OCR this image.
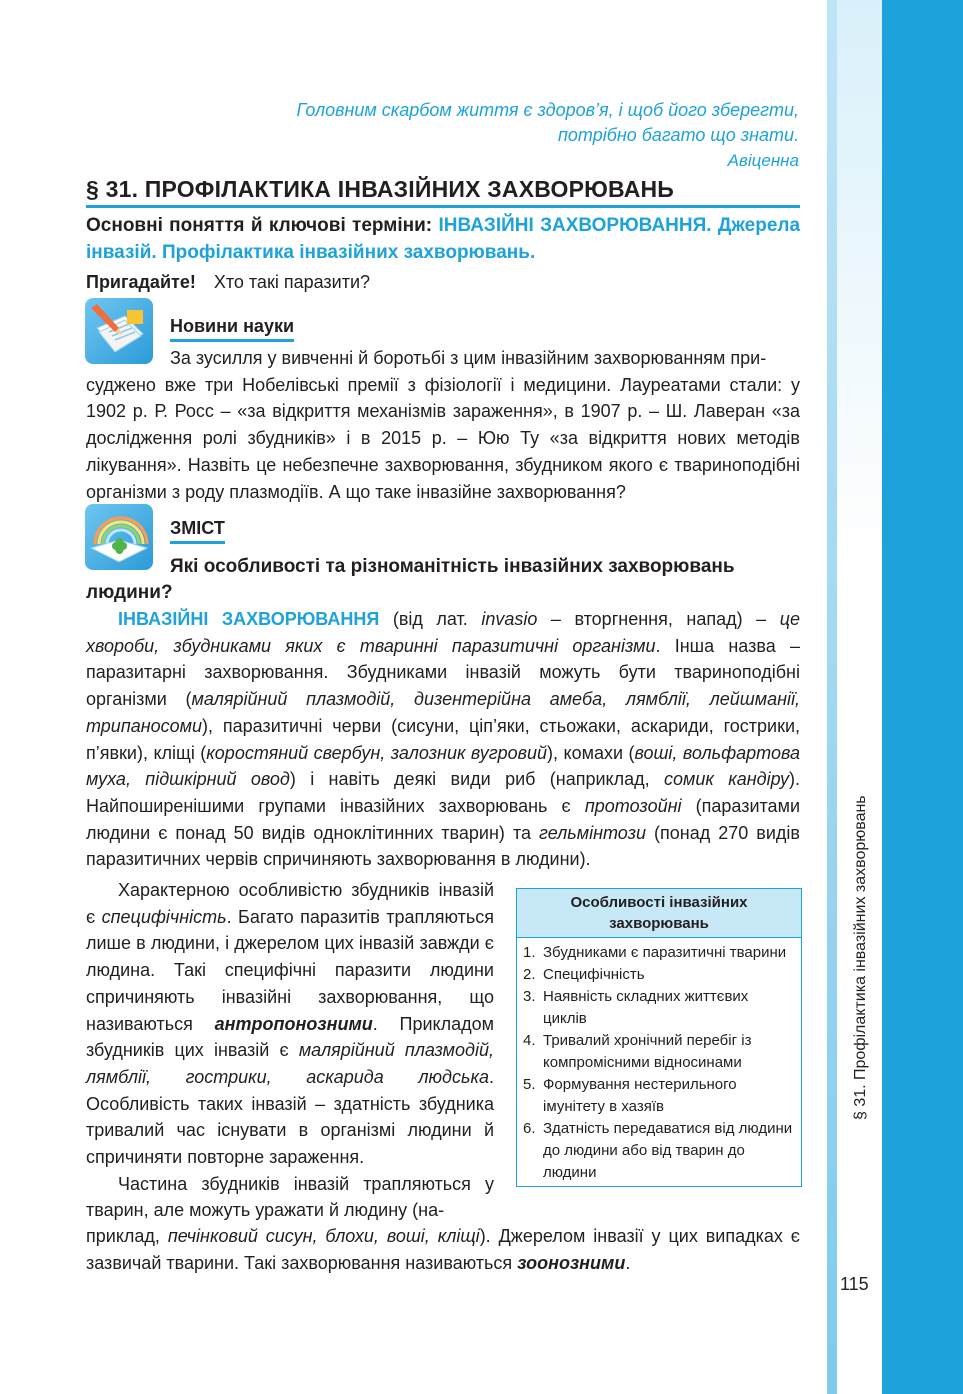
§ 31. Профілактика інвазійних захворювань
115
Головним скарбом життя є здоров’я, і щоб його зберегти,
потрібно багато що знати.
Авіценна
§ 31. ПРОФІЛАКТИКА ІНВАЗІЙНИХ ЗАХВОРЮВАНЬ
Основні поняття й ключові терміни: ІНВАЗІЙНІ ЗАХВОРЮВАННЯ. Джерела інвазій. Профілактика інвазійних захворювань.
Пригадайте! Хто такі паразити?
Новини науки
За зусилля у вивченні й боротьбі з цим інвазійним захворюванням при-
суджено вже три Нобелівські премії з фізіології і медицини. Лауреатами стали: у 1902 р. Р. Росс – «за відкриття механізмів зараження», в 1907 р. – Ш. Лаверан «за дослідження ролі збудників» і в 2015 р. – Юю Ту «за відкриття нових методів лікування». Назвіть це небезпечне захворювання, збудником якого є твариноподібні організми з роду плазмодіїв. А що таке інвазійне захворювання?
ЗМІСТ
Які особливості та різноманітність інвазійних захворювань
людини?
ІНВАЗІЙНІ ЗАХВОРЮВАННЯ (від лат. invasio – вторгнення, напад) – це хвороби, збудниками яких є тваринні паразитичні організми. Інша назва – паразитарні захворювання. Збудниками інвазій можуть бути твариноподібні організми (малярійний плазмодій, дизентерійна амеба, лямблії, лейшманії, трипаносоми), паразитичні черви (сисуни, ціп’яки, стьожаки, аскариди, гострики, п’явки), кліщі (коростяний свербун, залозник вугровий), комахи (воші, вольфартова муха, підшкірний овод) і навіть деякі види риб (наприклад, сомик кандіру). Найпоширенішими групами інвазійних захворювань є протозойні (паразитами людини є понад 50 видів одноклітинних тварин) та гельмінтози (понад 270 видів паразитичних червів спричиняють захворювання в людини).
Характерною особливістю збудників інвазій є специфічність. Багато паразитів трапляються лише в людини, і джерелом цих інвазій завжди є людина. Такі специфічні паразити людини спричиняють інвазійні захворювання, що називаються антропонозними. Прикладом збудників цих інвазій є малярійний плазмодій, лямблії, гострики, аскарида людська. Особливість таких інвазій – здатність збудника тривалий час існувати в організмі людини й спричиняти повторне зараження.
Частина збудників інвазій трапляються у тварин, але можуть уражати й людину (на-
приклад, печінковий сисун, блохи, воші, кліщі). Джерелом інвазії у цих випадках є зазвичай тварини. Такі захворювання називаються зоонозними.
Особливості інвазійних захворювань
1. Збудниками є паразитичні тварини
2. Специфічність
3. Наявність складних життєвих циклів
4. Тривалий хронічний перебіг із компромісними відносинами
5. Формування нестерильного імунітету в хазяїв
6. Здатність передаватися від людини до людини або від тварин до людини
